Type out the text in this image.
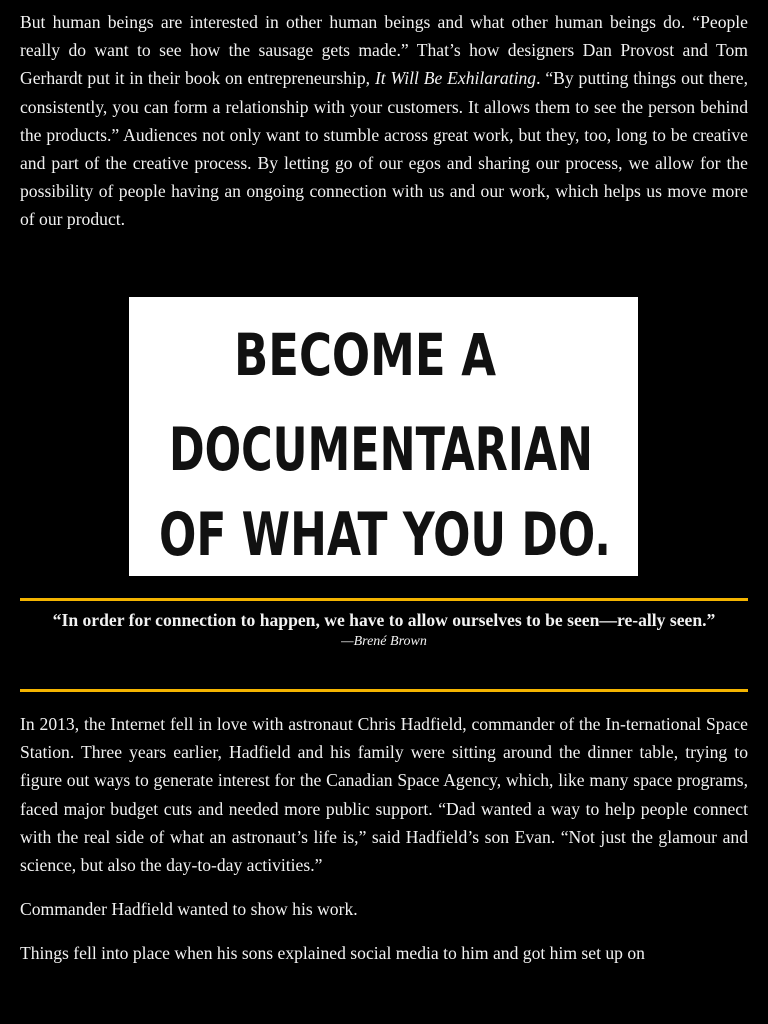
But human beings are interested in other human beings and what other human beings do. “People really do want to see how the sausage gets made.” That’s how designers Dan Provost and Tom Gerhardt put it in their book on entrepreneurship, It Will Be Exhilarating. “By putting things out there, consistently, you can form a relationship with your customers. It allows them to see the person behind the products.” Audiences not only want to stumble across great work, but they, too, long to be creative and part of the creative process. By letting go of our egos and sharing our process, we allow for the possibility of people having an ongoing connection with us and our work, which helps us move more of our product.

BECOME A
DOCUMENTARIAN
OF WHAT YOU DO.

“In order for connection to happen, we have to allow ourselves to be seen—re-ally seen.”

—Brené Brown

In 2013, the Internet fell in love with astronaut Chris Hadfield, commander of the In-ternational Space Station. Three years earlier, Hadfield and his family were sitting around the dinner table, trying to figure out ways to generate interest for the Canadian Space Agency, which, like many space programs, faced major budget cuts and needed more public support. “Dad wanted a way to help people connect with the real side of what an astronaut’s life is,” said Hadfield’s son Evan. “Not just the glamour and science, but also the day-to-day activities.”

Commander Hadfield wanted to show his work.

Things fell into place when his sons explained social media to him and got him set up on
